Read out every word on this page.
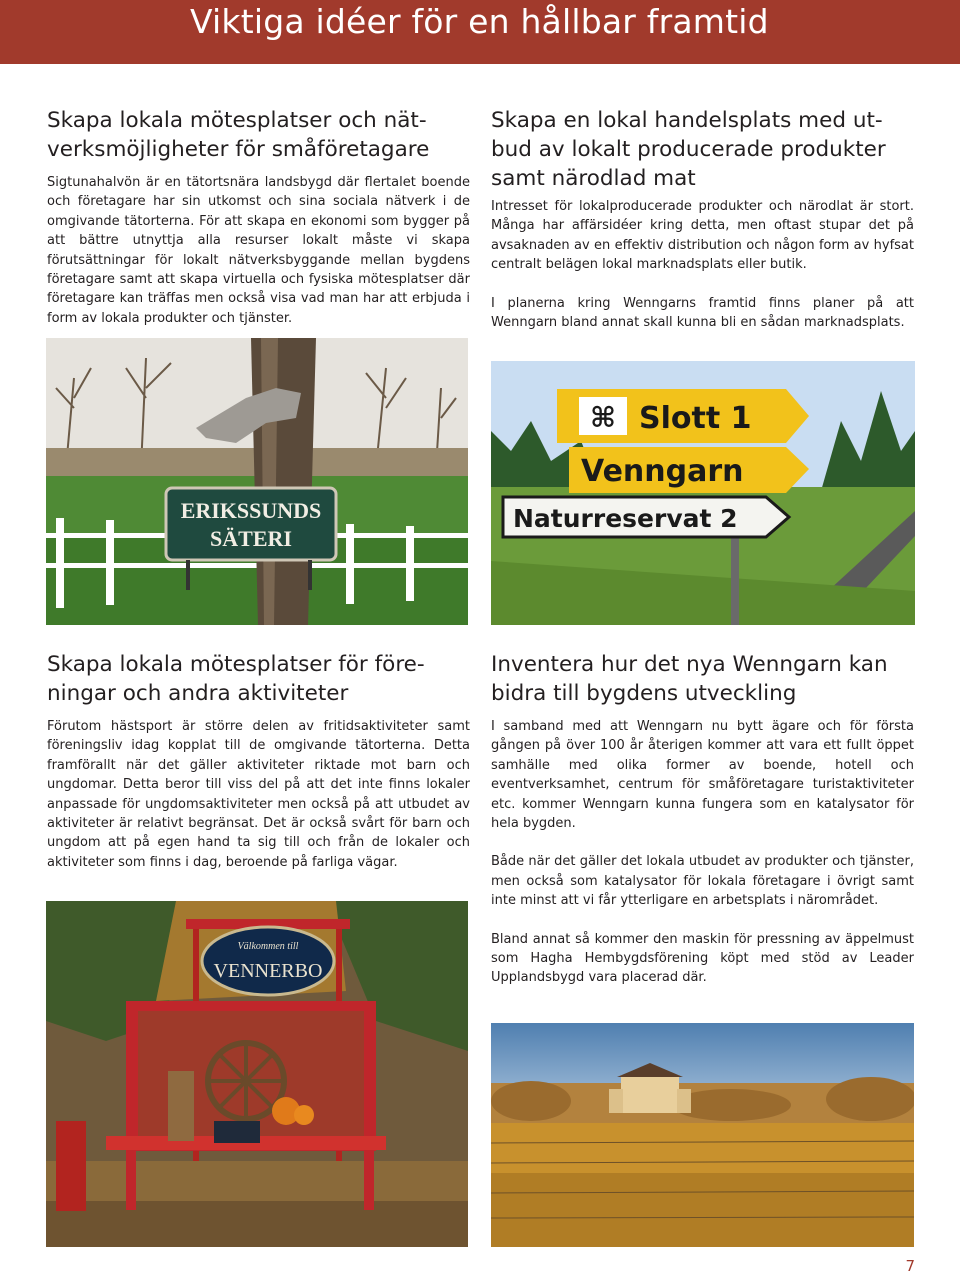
Viktiga idéer för en hållbar framtid
Skapa lokala mötesplatser och nät-
verksmöjligheter för småföretagare

Sigtunahalvön är en tätortsnära landsbygd där flertalet boende och företagare har sin utkomst och sina sociala nätverk i de omgivande tätorterna. För att skapa en ekonomi som bygger på att bättre utnyttja alla resurser lokalt måste vi skapa förutsättningar för lokalt nätverksbyggande mellan bygdens företagare samt att skapa virtuella och fysiska mötesplatser där företagare kan träffas men också visa vad man har att erbjuda i form av lokala produkter och tjänster.

Skapa en lokal handelsplats med ut-
bud av lokalt producerade produkter
samt närodlad mat

Intresset för lokalproducerade produkter och närodlat är stort. Många har affärsidéer kring detta, men oftast stupar det på avsaknaden av en effektiv distribution och någon form av hyfsat centralt belägen lokal marknadsplats eller butik.

I planerna kring Wenngarns framtid finns planer på att Wenngarn bland annat skall kunna bli en sådan marknadsplats.

ERIKSSUNDS
SÄTERI
⌘ Slott 1
Venngarn
Naturreservat 2
Skapa lokala mötesplatser för före-
ningar och andra aktiviteter

Förutom hästsport är större delen av fritidsaktiviteter samt föreningsliv idag kopplat till de omgivande tätorterna. Detta framförallt när det gäller aktiviteter riktade mot barn och ungdomar. Detta beror till viss del på att det inte finns lokaler anpassade för ungdomsaktiviteter men också på att utbudet av aktiviteter är relativt begränsat. Det är också svårt för barn och ungdom att på egen hand ta sig till och från de lokaler och aktiviteter som finns i dag, beroende på farliga vägar.

Inventera hur det nya Wenngarn kan
bidra till bygdens utveckling

I samband med att Wenngarn nu bytt ägare och för första gången på över 100 år återigen kommer att vara ett fullt öppet samhälle med olika former av boende, hotell och eventverksamhet, centrum för småföretagare turistaktiviteter etc. kommer Wenngarn kunna fungera som en katalysator för hela bygden.

Både när det gäller det lokala utbudet av produkter och tjänster, men också som katalysator för lokala företagare i övrigt samt inte minst att vi får ytterligare en arbetsplats i närområdet.

Bland annat så kommer den maskin för pressning av äppelmust som Hagha Hembygdsförening köpt med stöd av Leader Upplandsbygd vara placerad där.

Välkommen till
VENNERBO
7
